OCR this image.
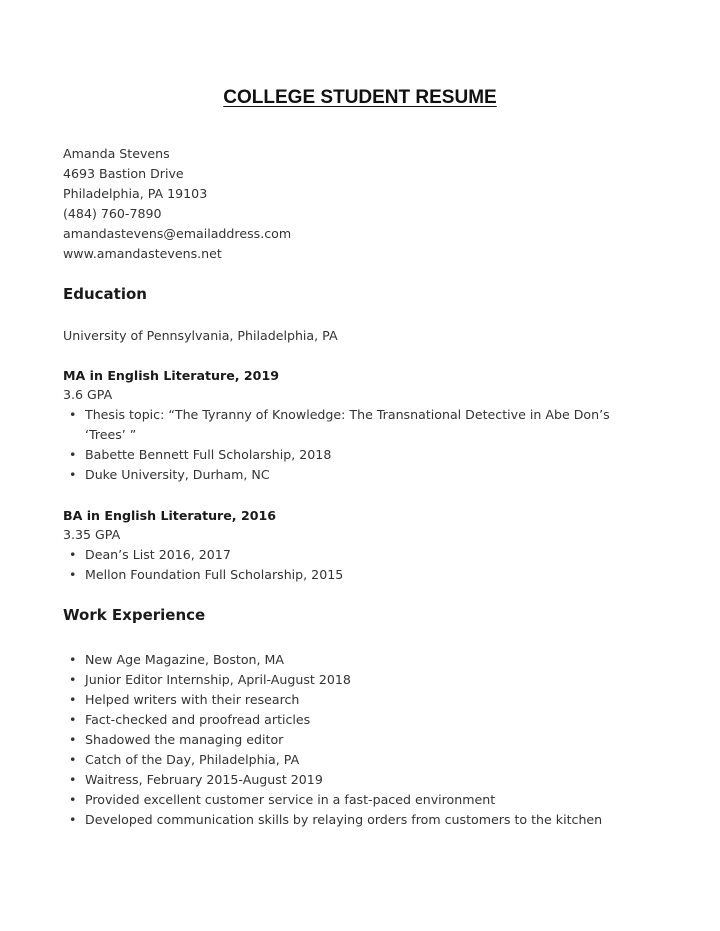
COLLEGE STUDENT RESUME
Amanda Stevens
4693 Bastion Drive
Philadelphia, PA 19103
(484) 760-7890
amandastevens@emailaddress.com
www.amandastevens.net
Education
University of Pennsylvania, Philadelphia, PA
MA in English Literature, 2019
3.6 GPA
• Thesis topic: “The Tyranny of Knowledge: The Transnational Detective in Abe Don’s ‘Trees’ ”
• Babette Bennett Full Scholarship, 2018
• Duke University, Durham, NC
BA in English Literature, 2016
3.35 GPA
• Dean’s List 2016, 2017
• Mellon Foundation Full Scholarship, 2015
Work Experience
• New Age Magazine, Boston, MA
• Junior Editor Internship, April-August 2018
• Helped writers with their research
• Fact-checked and proofread articles
• Shadowed the managing editor
• Catch of the Day, Philadelphia, PA
• Waitress, February 2015-August 2019
• Provided excellent customer service in a fast-paced environment
• Developed communication skills by relaying orders from customers to the kitchen
